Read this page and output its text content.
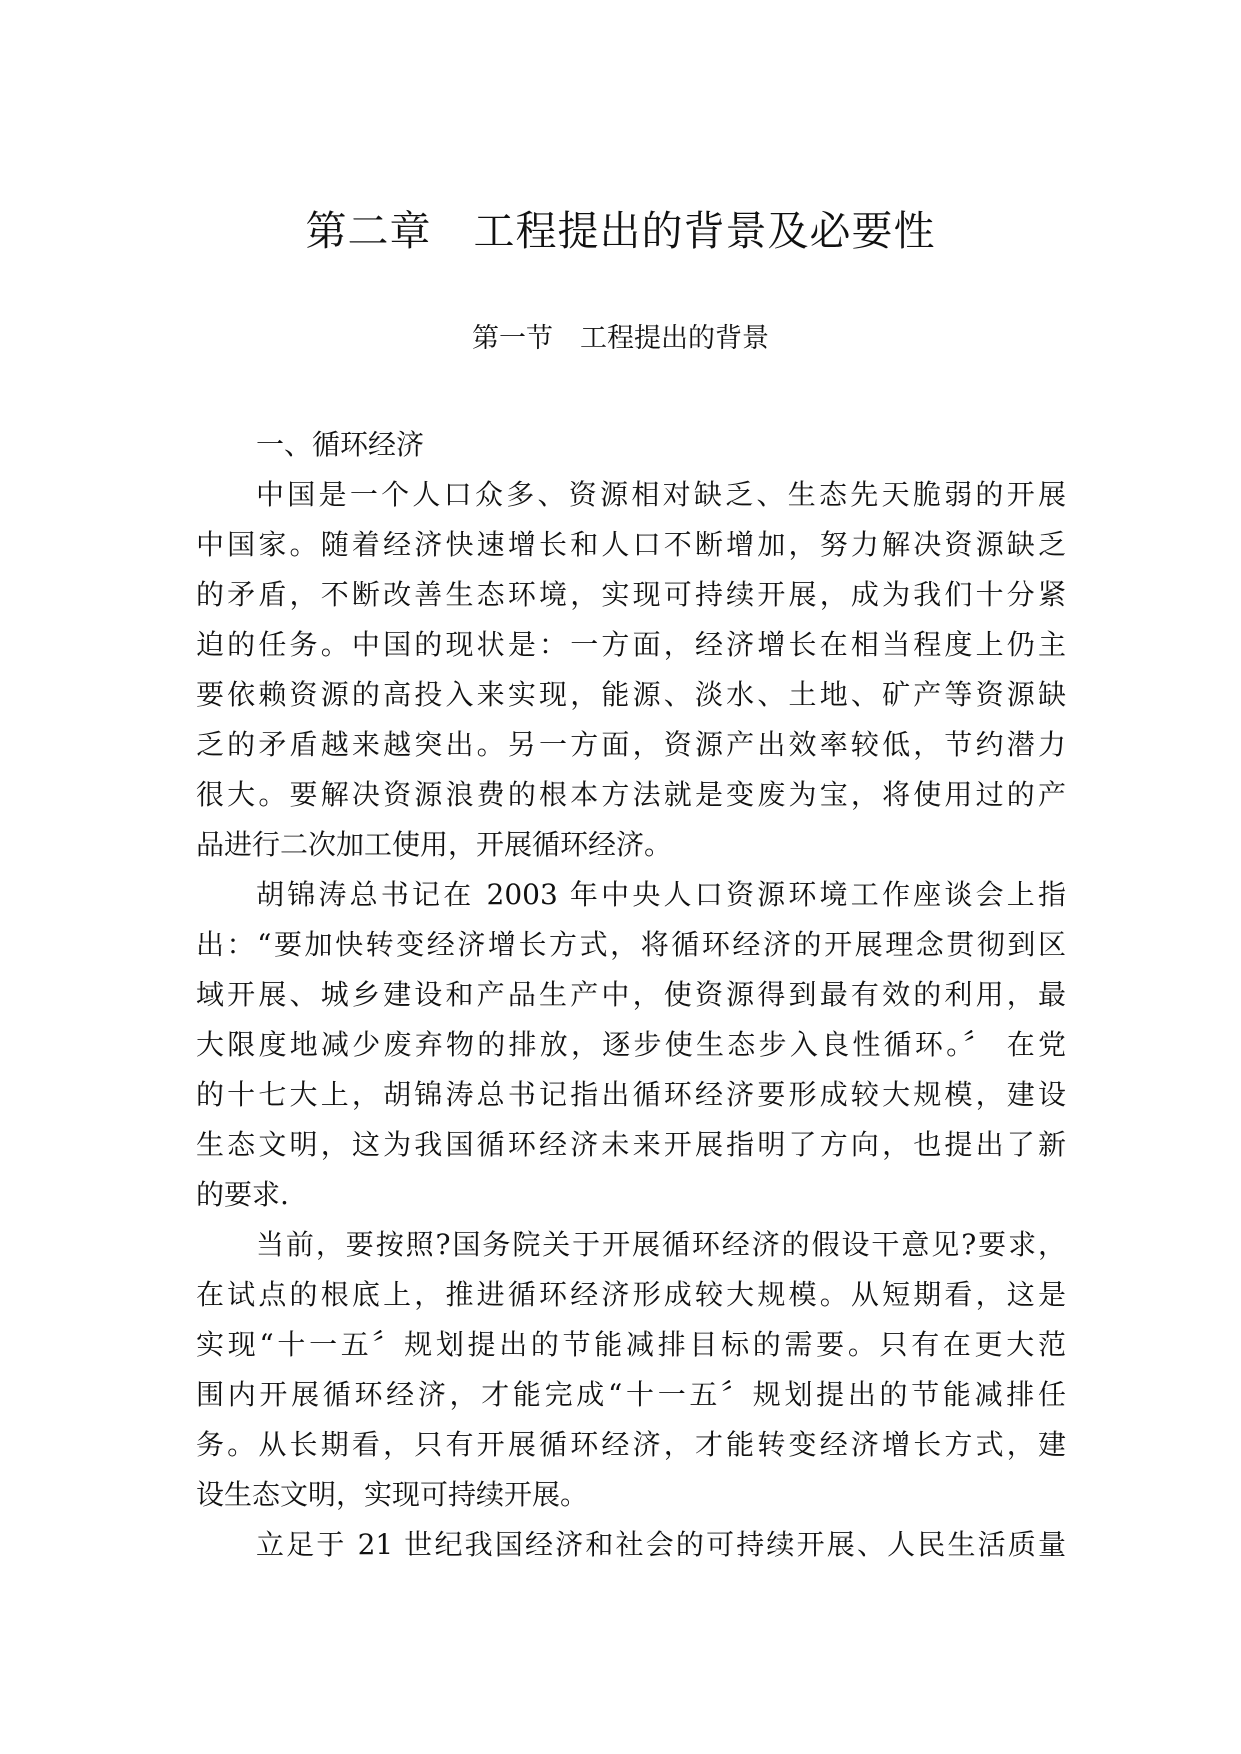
第二章　工程提出的背景及必要性
第一节　工程提出的背景
一、循环经济
中国是一个人口众多、资源相对缺乏、生态先天脆弱的开展
中国家。随着经济快速增长和人口不断增加，努力解决资源缺乏
的矛盾，不断改善生态环境，实现可持续开展，成为我们十分紧
迫的任务。中国的现状是：一方面，经济增长在相当程度上仍主
要依赖资源的高投入来实现，能源、淡水、土地、矿产等资源缺
乏的矛盾越来越突出。另一方面，资源产出效率较低，节约潜力
很大。要解决资源浪费的根本方法就是变废为宝，将使用过的产
品进行二次加工使用，开展循环经济。
胡锦涛总书记在 2003 年中央人口资源环境工作座谈会上指
出：“要加快转变经济增长方式，将循环经济的开展理念贯彻到区
域开展、城乡建设和产品生产中，使资源得到最有效的利用，最
大限度地减少废弃物的排放，逐步使生态步入良性循环。〞 在党
的十七大上，胡锦涛总书记指出循环经济要形成较大规模，建设
生态文明，这为我国循环经济未来开展指明了方向，也提出了新
的要求.
当前，要按照?国务院关于开展循环经济的假设干意见?要求，
在试点的根底上，推进循环经济形成较大规模。从短期看，这是
实现“十一五〞规划提出的节能减排目标的需要。只有在更大范
围内开展循环经济，才能完成“十一五〞规划提出的节能减排任
务。从长期看，只有开展循环经济，才能转变经济增长方式，建
设生态文明，实现可持续开展。
立足于 21 世纪我国经济和社会的可持续开展、人民生活质量
